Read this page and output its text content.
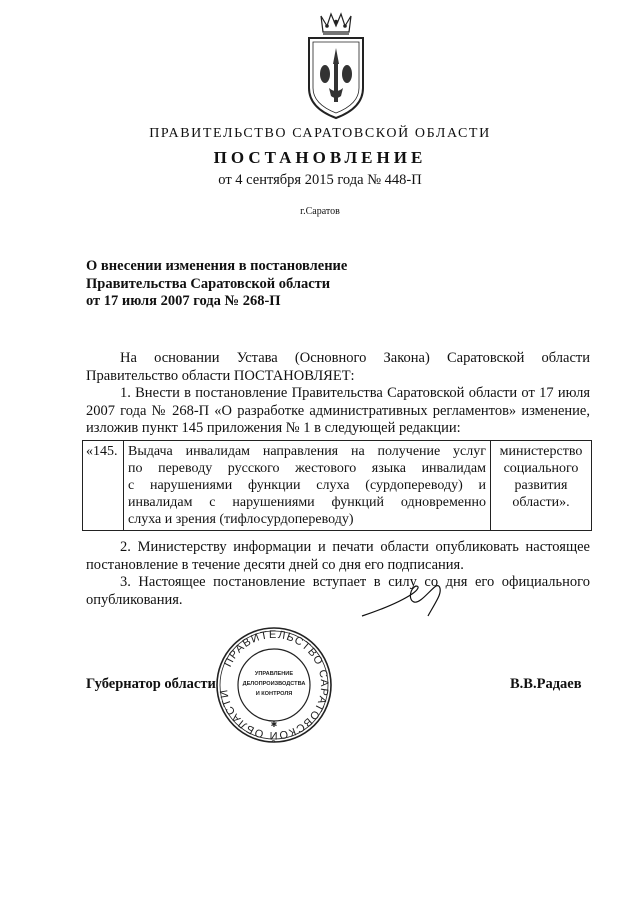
ПРАВИТЕЛЬСТВО САРАТОВСКОЙ ОБЛАСТИ
ПОСТАНОВЛЕНИЕ
от 4 сентября 2015 года № 448-П
г.Саратов
О внесении изменения в постановление
Правительства Саратовской области
от 17 июля 2007 года № 268-П
На основании Устава (Основного Закона) Саратовской области
Правительство области ПОСТАНОВЛЯЕТ:
1. Внести в постановление Правительства Саратовской области от 17 июля
2007 года № 268-П «О разработке административных регламентов» изменение,
изложив пункт 145 приложения № 1 в следующей редакции:
«145. Выдача инвалидам направления на получение услуг
по переводу русского жестового языка инвалидам
с нарушениями функции слуха (сурдопереводу) и
инвалидам с нарушениями функций одновременно
слуха и зрения (тифлосурдопереводу)
министерство
социального
развития
области».
2. Министерству информации и печати области опубликовать настоящее
постановление в течение десяти дней со дня его подписания.
3. Настоящее постановление вступает в силу со дня его официального
опубликования.
ПРАВИТЕЛЬСТВО САРАТОВСКОЙ ОБЛАСТИ
УПРАВЛЕНИЕ
ДЕЛОПРОИЗВОДСТВА
И КОНТРОЛЯ
✱
Губернатор области	В.В.Радаев
